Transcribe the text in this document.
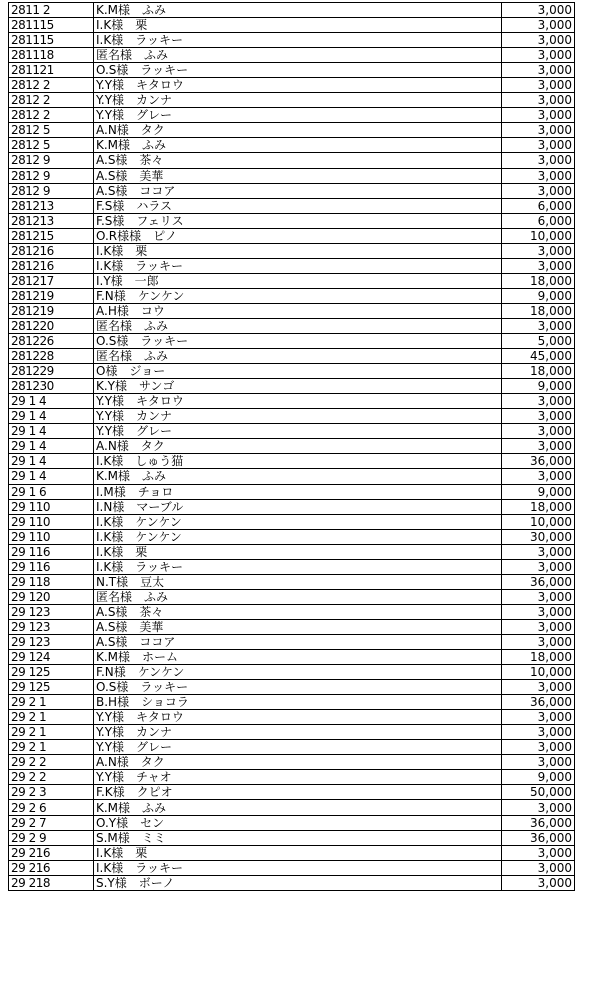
2811 2	K.M様　ふみ	3,000
281115	I.K様　栗	3,000
281115	I.K様　ラッキー	3,000
281118	匿名様　ふみ	3,000
281121	O.S様　ラッキー	3,000
2812 2	Y.Y様　キタロウ	3,000
2812 2	Y.Y様　カンナ	3,000
2812 2	Y.Y様　グレー	3,000
2812 5	A.N様　タク	3,000
2812 5	K.M様　ふみ	3,000
2812 9	A.S様　茶々	3,000
2812 9	A.S様　美華	3,000
2812 9	A.S様　ココア	3,000
281213	F.S様　ハラス	6,000
281213	F.S様　フェリス	6,000
281215	O.R様様　ピノ	10,000
281216	I.K様　栗	3,000
281216	I.K様　ラッキー	3,000
281217	I.Y様　一郎	18,000
281219	F.N様　ケンケン	9,000
281219	A.H様　コウ	18,000
281220	匿名様　ふみ	3,000
281226	O.S様　ラッキー	5,000
281228	匿名様　ふみ	45,000
281229	O様　ジョー	18,000
281230	K.Y様　サンゴ	9,000
29 1 4	Y.Y様　キタロウ	3,000
29 1 4	Y.Y様　カンナ	3,000
29 1 4	Y.Y様　グレー	3,000
29 1 4	A.N様　タク	3,000
29 1 4	I.K様　しゅう猫	36,000
29 1 4	K.M様　ふみ	3,000
29 1 6	I.M様　チョロ	9,000
29 110	I.N様　マーブル	18,000
29 110	I.K様　ケンケン	10,000
29 110	I.K様　ケンケン	30,000
29 116	I.K様　栗	3,000
29 116	I.K様　ラッキー	3,000
29 118	N.T様　豆太	36,000
29 120	匿名様　ふみ	3,000
29 123	A.S様　茶々	3,000
29 123	A.S様　美華	3,000
29 123	A.S様　ココア	3,000
29 124	K.M様　ホーム	18,000
29 125	F.N様　ケンケン	10,000
29 125	O.S様　ラッキー	3,000
29 2 1	B.H様　ショコラ	36,000
29 2 1	Y.Y様　キタロウ	3,000
29 2 1	Y.Y様　カンナ	3,000
29 2 1	Y.Y様　グレー	3,000
29 2 2	A.N様　タク	3,000
29 2 2	Y.Y様　チャオ	9,000
29 2 3	F.K様　クピオ	50,000
29 2 6	K.M様　ふみ	3,000
29 2 7	O.Y様　セン	36,000
29 2 9	S.M様　ミミ	36,000
29 216	I.K様　栗	3,000
29 216	I.K様　ラッキー	3,000
29 218	S.Y様　ボーノ	3,000
